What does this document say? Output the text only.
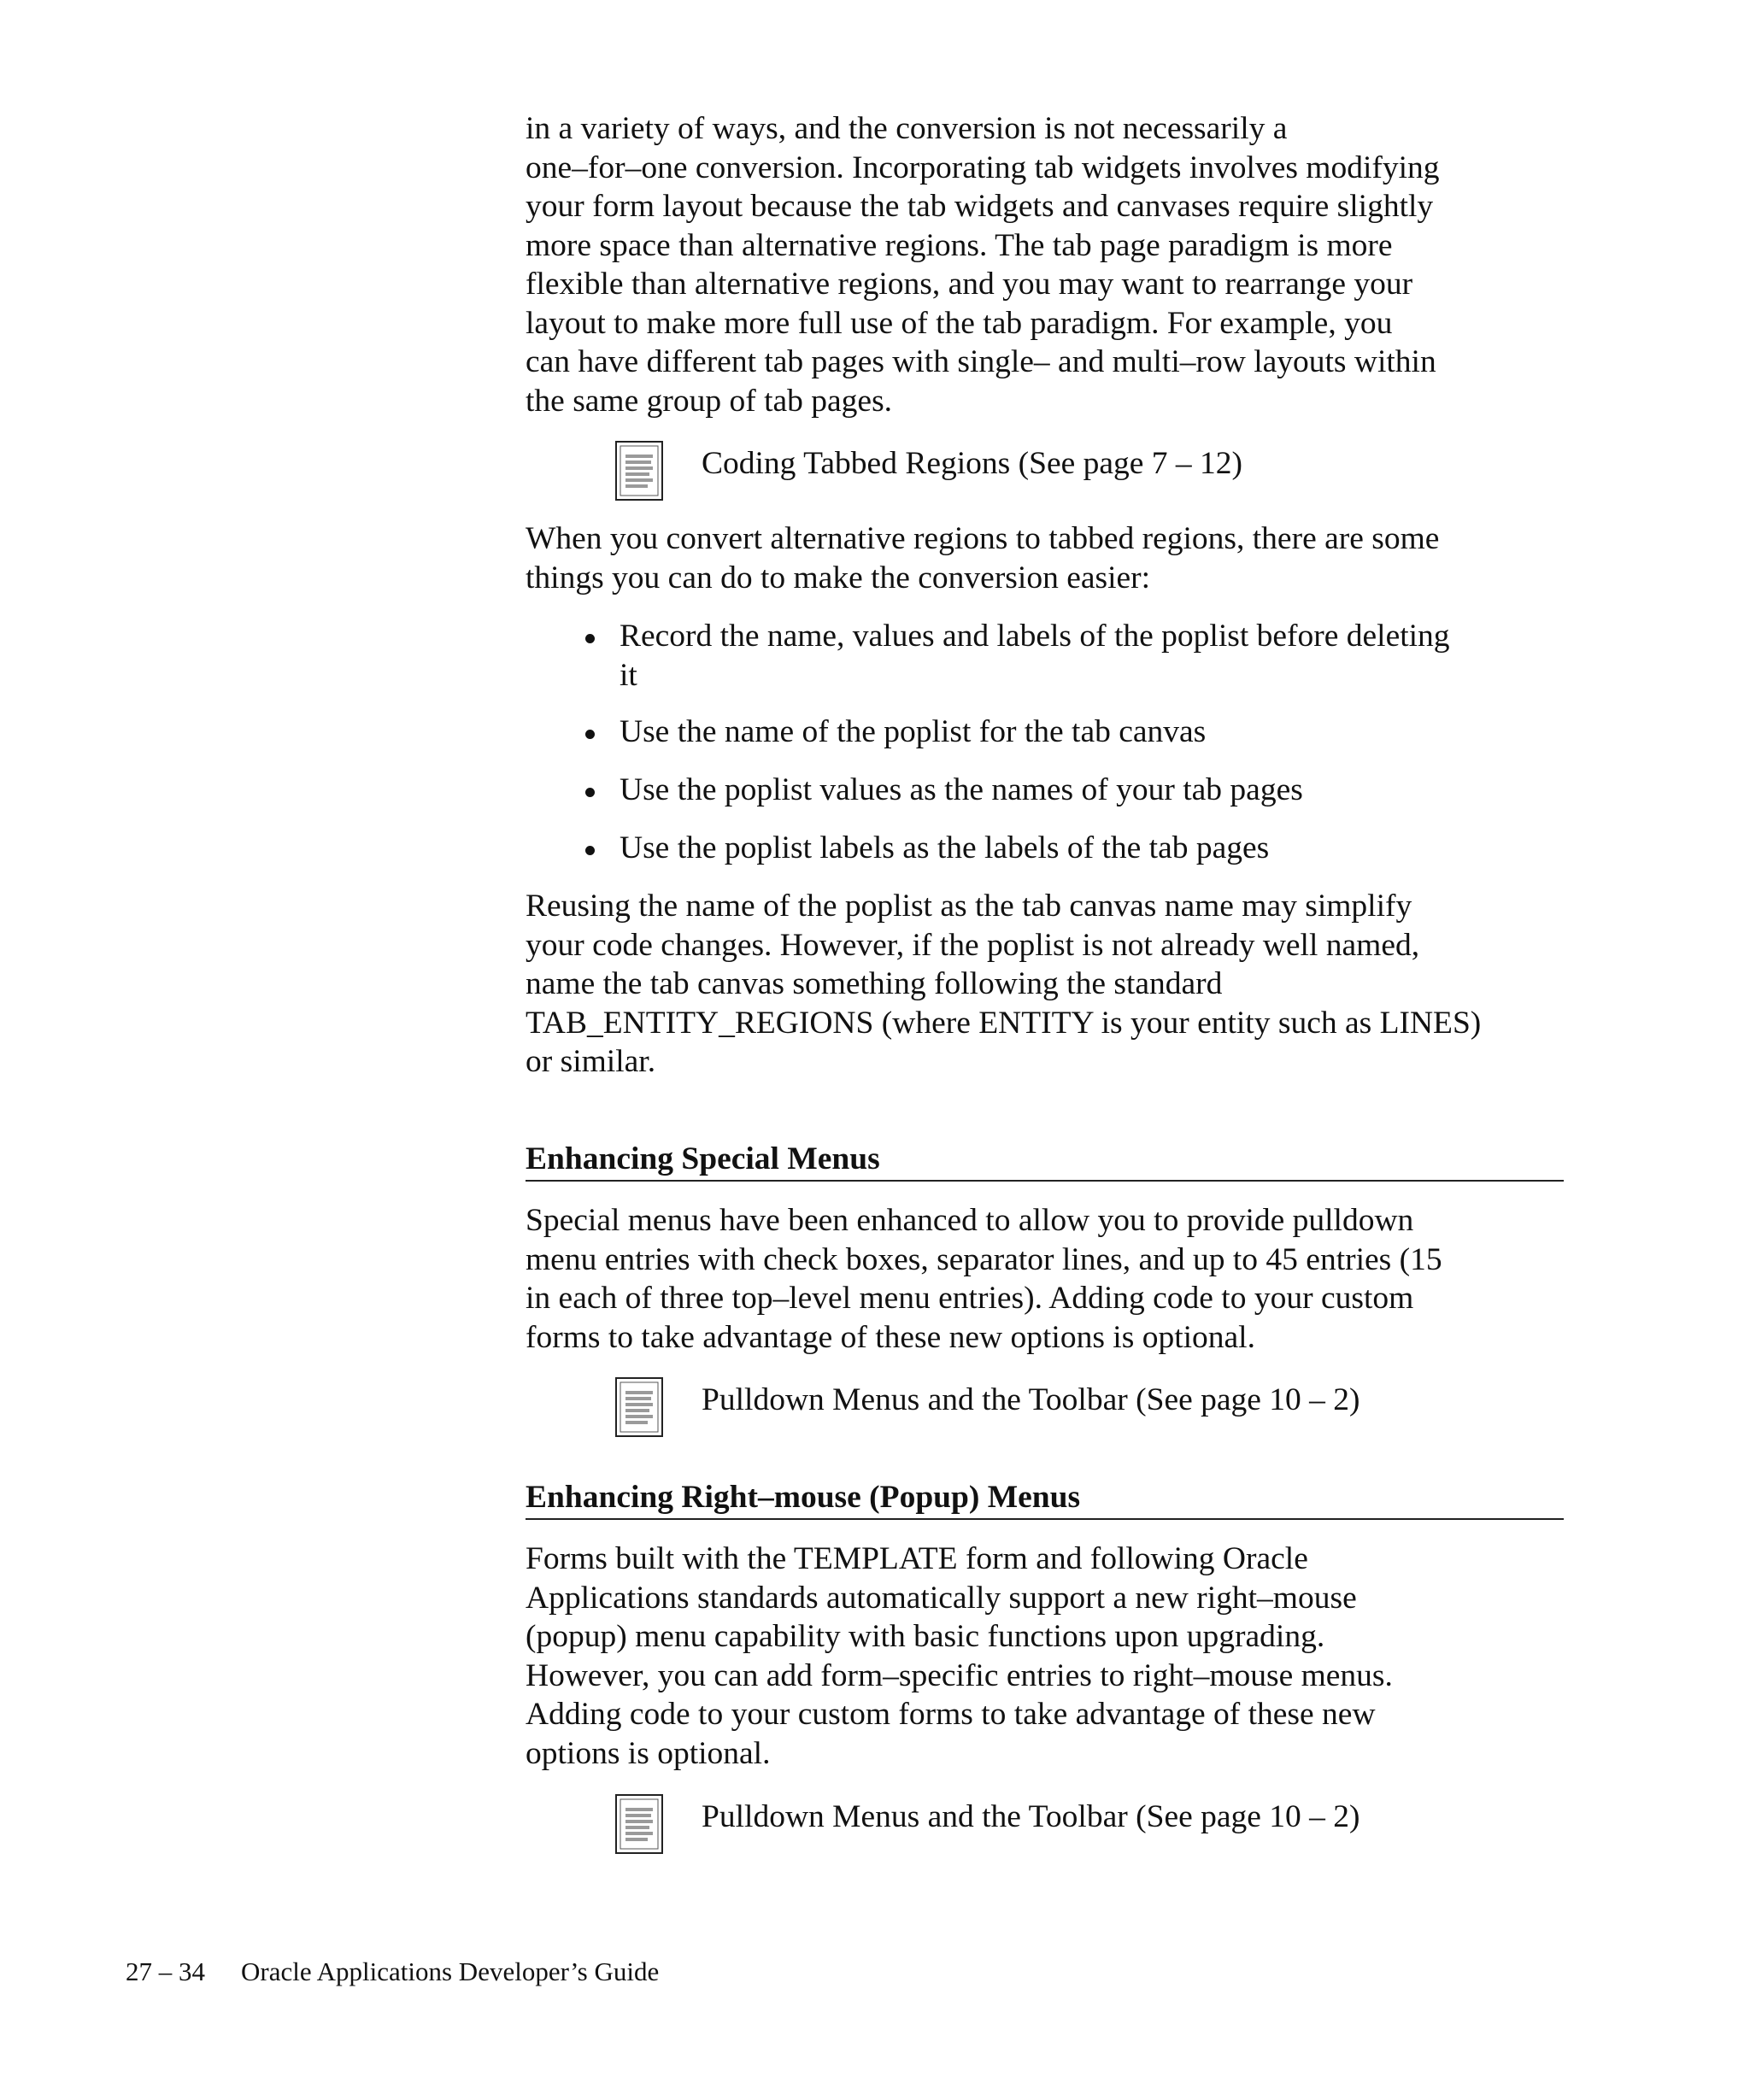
in a variety of ways, and the conversion is not necessarily a
one–for–one conversion. Incorporating tab widgets involves modifying
your form layout because the tab widgets and canvases require slightly
more space than alternative regions. The tab page paradigm is more
flexible than alternative regions, and you may want to rearrange your
layout to make more full use of the tab paradigm. For example, you
can have different tab pages with single– and multi–row layouts within
the same group of tab pages.

Coding Tabbed Regions (See page 7 – 12)

When you convert alternative regions to tabbed regions, there are some
things you can do to make the conversion easier:

Record the name, values and labels of the poplist before deleting
it
Use the name of the poplist for the tab canvas
Use the poplist values as the names of your tab pages
Use the poplist labels as the labels of the tab pages

Reusing the name of the poplist as the tab canvas name may simplify
your code changes. However, if the poplist is not already well named,
name the tab canvas something following the standard
TAB_ENTITY_REGIONS (where ENTITY is your entity such as LINES)
or similar.

Enhancing Special Menus

Special menus have been enhanced to allow you to provide pulldown
menu entries with check boxes, separator lines, and up to 45 entries (15
in each of three top–level menu entries). Adding code to your custom
forms to take advantage of these new options is optional.

Pulldown Menus and the Toolbar (See page 10 – 2)
Enhancing Right–mouse (Popup) Menus

Forms built with the TEMPLATE form and following Oracle
Applications standards automatically support a new right–mouse
(popup) menu capability with basic functions upon upgrading.
However, you can add form–specific entries to right–mouse menus.
Adding code to your custom forms to take advantage of these new
options is optional.

Pulldown Menus and the Toolbar (See page 10 – 2)
27 – 34 Oracle Applications Developer’s Guide
